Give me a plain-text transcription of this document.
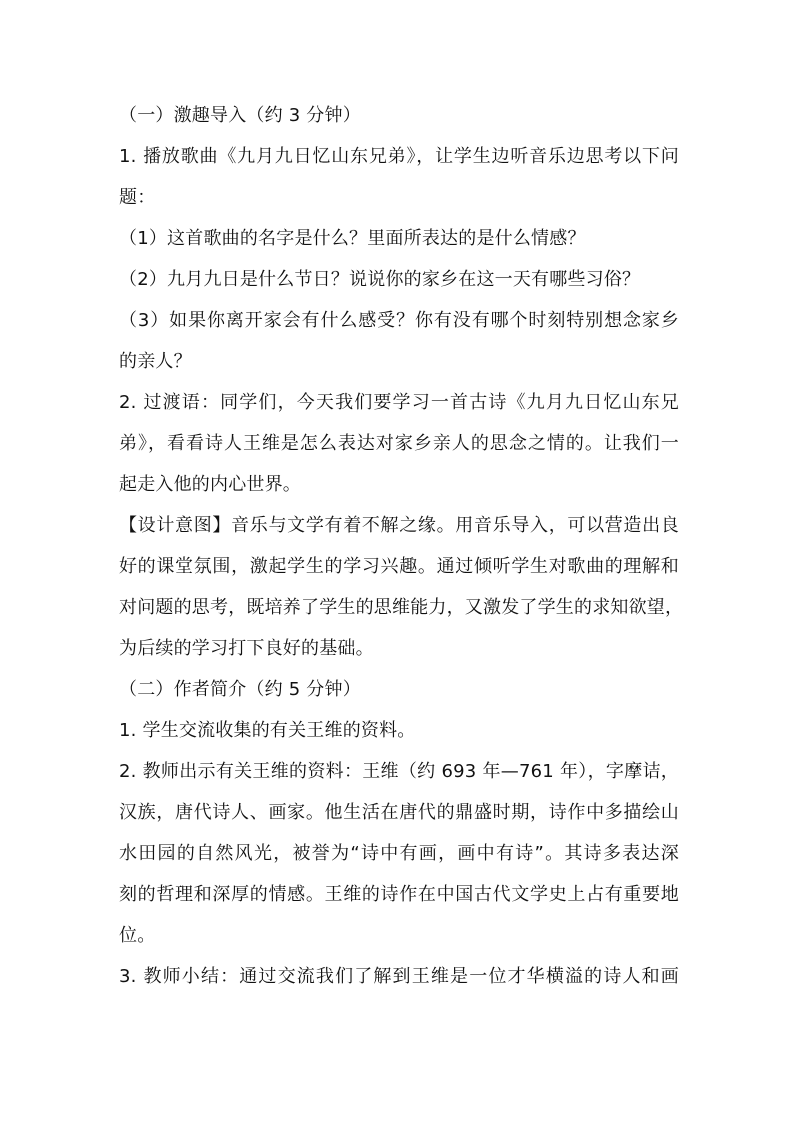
（一）激趣导入（约 3 分钟）
1. 播放歌曲《九月九日忆山东兄弟》，让学生边听音乐边思考以下问
题：
（1）这首歌曲的名字是什么？里面所表达的是什么情感？
（2）九月九日是什么节日？说说你的家乡在这一天有哪些习俗？
（3）如果你离开家会有什么感受？你有没有哪个时刻特别想念家乡
的亲人？
2. 过渡语：同学们，今天我们要学习一首古诗《九月九日忆山东兄
弟》，看看诗人王维是怎么表达对家乡亲人的思念之情的。让我们一
起走入他的内心世界。
【设计意图】音乐与文学有着不解之缘。用音乐导入，可以营造出良
好的课堂氛围，激起学生的学习兴趣。通过倾听学生对歌曲的理解和
对问题的思考，既培养了学生的思维能力，又激发了学生的求知欲望，
为后续的学习打下良好的基础。
（二）作者简介（约 5 分钟）
1. 学生交流收集的有关王维的资料。
2. 教师出示有关王维的资料：王维（约 693 年—761 年），字摩诘，
汉族，唐代诗人、画家。他生活在唐代的鼎盛时期，诗作中多描绘山
水田园的自然风光，被誉为“诗中有画，画中有诗”。其诗多表达深
刻的哲理和深厚的情感。王维的诗作在中国古代文学史上占有重要地
位。
3. 教师小结：通过交流我们了解到王维是一位才华横溢的诗人和画
